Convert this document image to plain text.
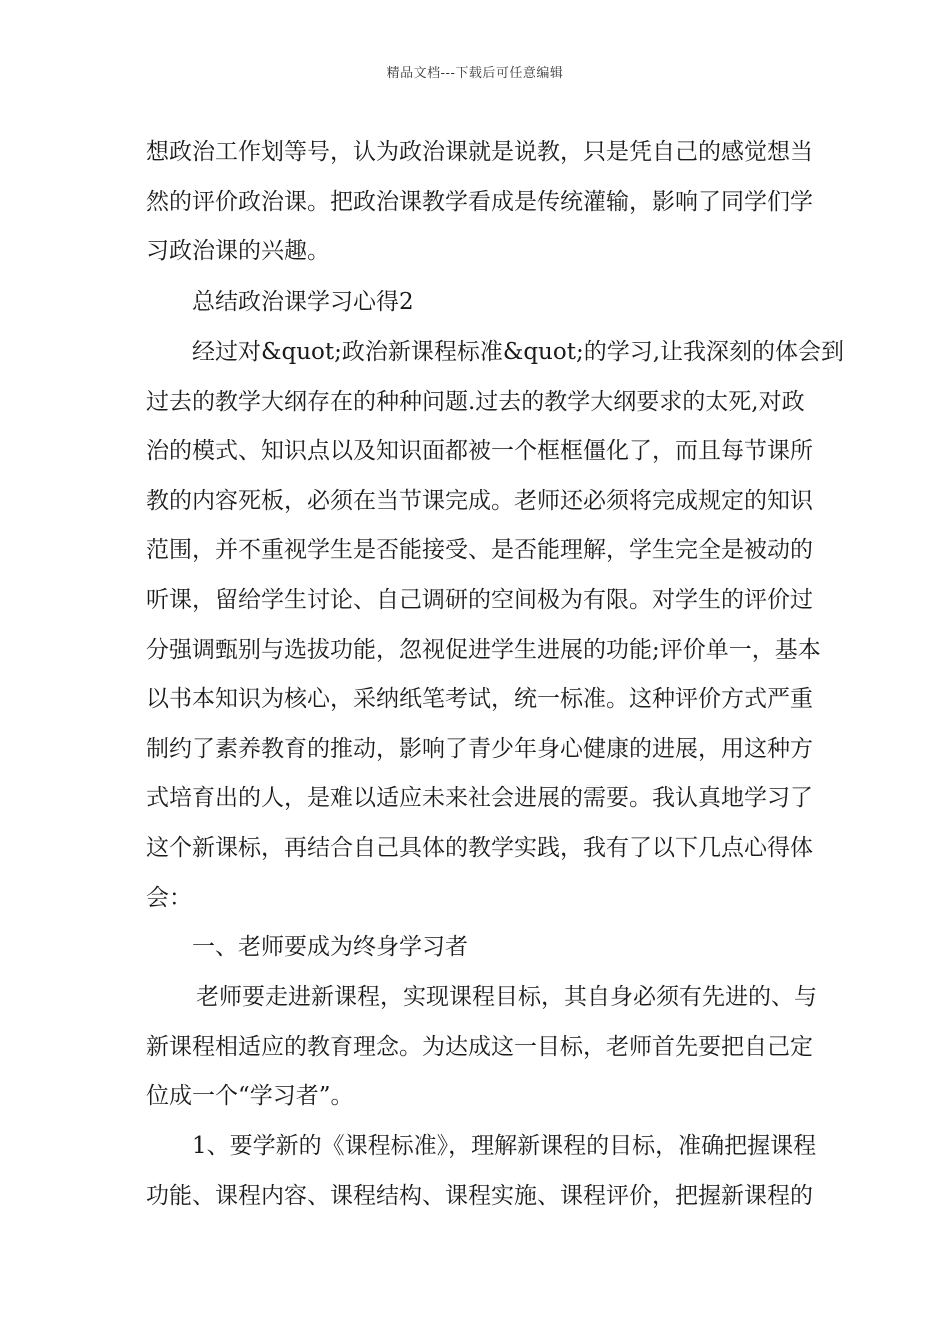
精品文档---下载后可任意编辑
想政治工作划等号，认为政治课就是说教，只是凭自己的感觉想当
然的评价政治课。把政治课教学看成是传统灌输，影响了同学们学
习政治课的兴趣。
总结政治课学习心得2
经过对&quot;政治新课程标准&quot;的学习,让我深刻的体会到
过去的教学大纲存在的种种问题.过去的教学大纲要求的太死,对政
治的模式、知识点以及知识面都被一个框框僵化了，而且每节课所
教的内容死板，必须在当节课完成。老师还必须将完成规定的知识
范围，并不重视学生是否能接受、是否能理解，学生完全是被动的
听课，留给学生讨论、自己调研的空间极为有限。对学生的评价过
分强调甄别与选拔功能，忽视促进学生进展的功能;评价单一，基本
以书本知识为核心，采纳纸笔考试，统一标准。这种评价方式严重
制约了素养教育的推动，影响了青少年身心健康的进展，用这种方
式培育出的人，是难以适应未来社会进展的需要。我认真地学习了
这个新课标，再结合自己具体的教学实践，我有了以下几点心得体
会：
一、老师要成为终身学习者
老师要走进新课程，实现课程目标，其自身必须有先进的、与
新课程相适应的教育理念。为达成这一目标，老师首先要把自己定
位成一个“学习者”。
1、要学新的《课程标准》，理解新课程的目标，准确把握课程
功能、课程内容、课程结构、课程实施、课程评价，把握新课程的
